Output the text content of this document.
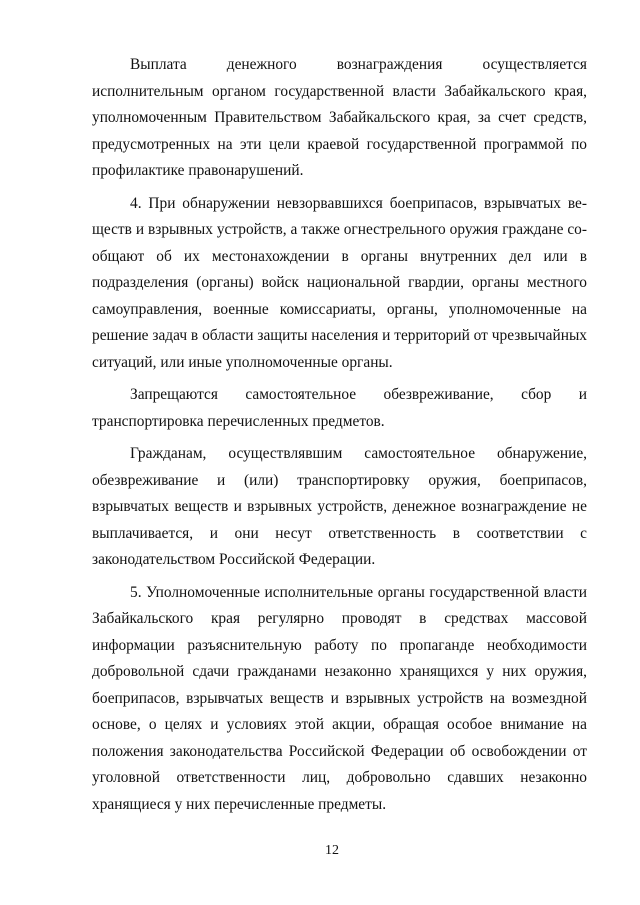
Выплата денежного вознаграждения осуществляется исполнительным органом государственной власти Забайкальского края, уполномоченным Правительством Забайкальского края, за счет средств, предусмотренных на эти цели краевой государственной программой по профилактике правонарушений.

4. При обнаружении невзорвавшихся боеприпасов, взрывчатых веществ и взрывных устройств, а также огнестрельного оружия граждане сообщают об их местонахождении в органы внутренних дел или в подразделения (органы) войск национальной гвардии, органы местного самоуправления, военные комиссариаты, органы, уполномоченные на решение задач в области защиты населения и территорий от чрезвычайных ситуаций, или иные уполномоченные органы.

Запрещаются самостоятельное обезвреживание, сбор и транспортировка перечисленных предметов.

Гражданам, осуществлявшим самостоятельное обнаружение, обезвреживание и (или) транспортировку оружия, боеприпасов, взрывчатых веществ и взрывных устройств, денежное вознаграждение не выплачивается, и они несут ответственность в соответствии с законодательством Российской Федерации.

5. Уполномоченные исполнительные органы государственной власти Забайкальского края регулярно проводят в средствах массовой информации разъяснительную работу по пропаганде необходимости добровольной сдачи гражданами незаконно хранящихся у них оружия, боеприпасов, взрывчатых веществ и взрывных устройств на возмездной основе, о целях и условиях этой акции, обращая особое внимание на положения законодательства Российской Федерации об освобождении от уголовной ответственности лиц, добровольно сдавших незаконно хранящиеся у них перечисленные предметы.

12
